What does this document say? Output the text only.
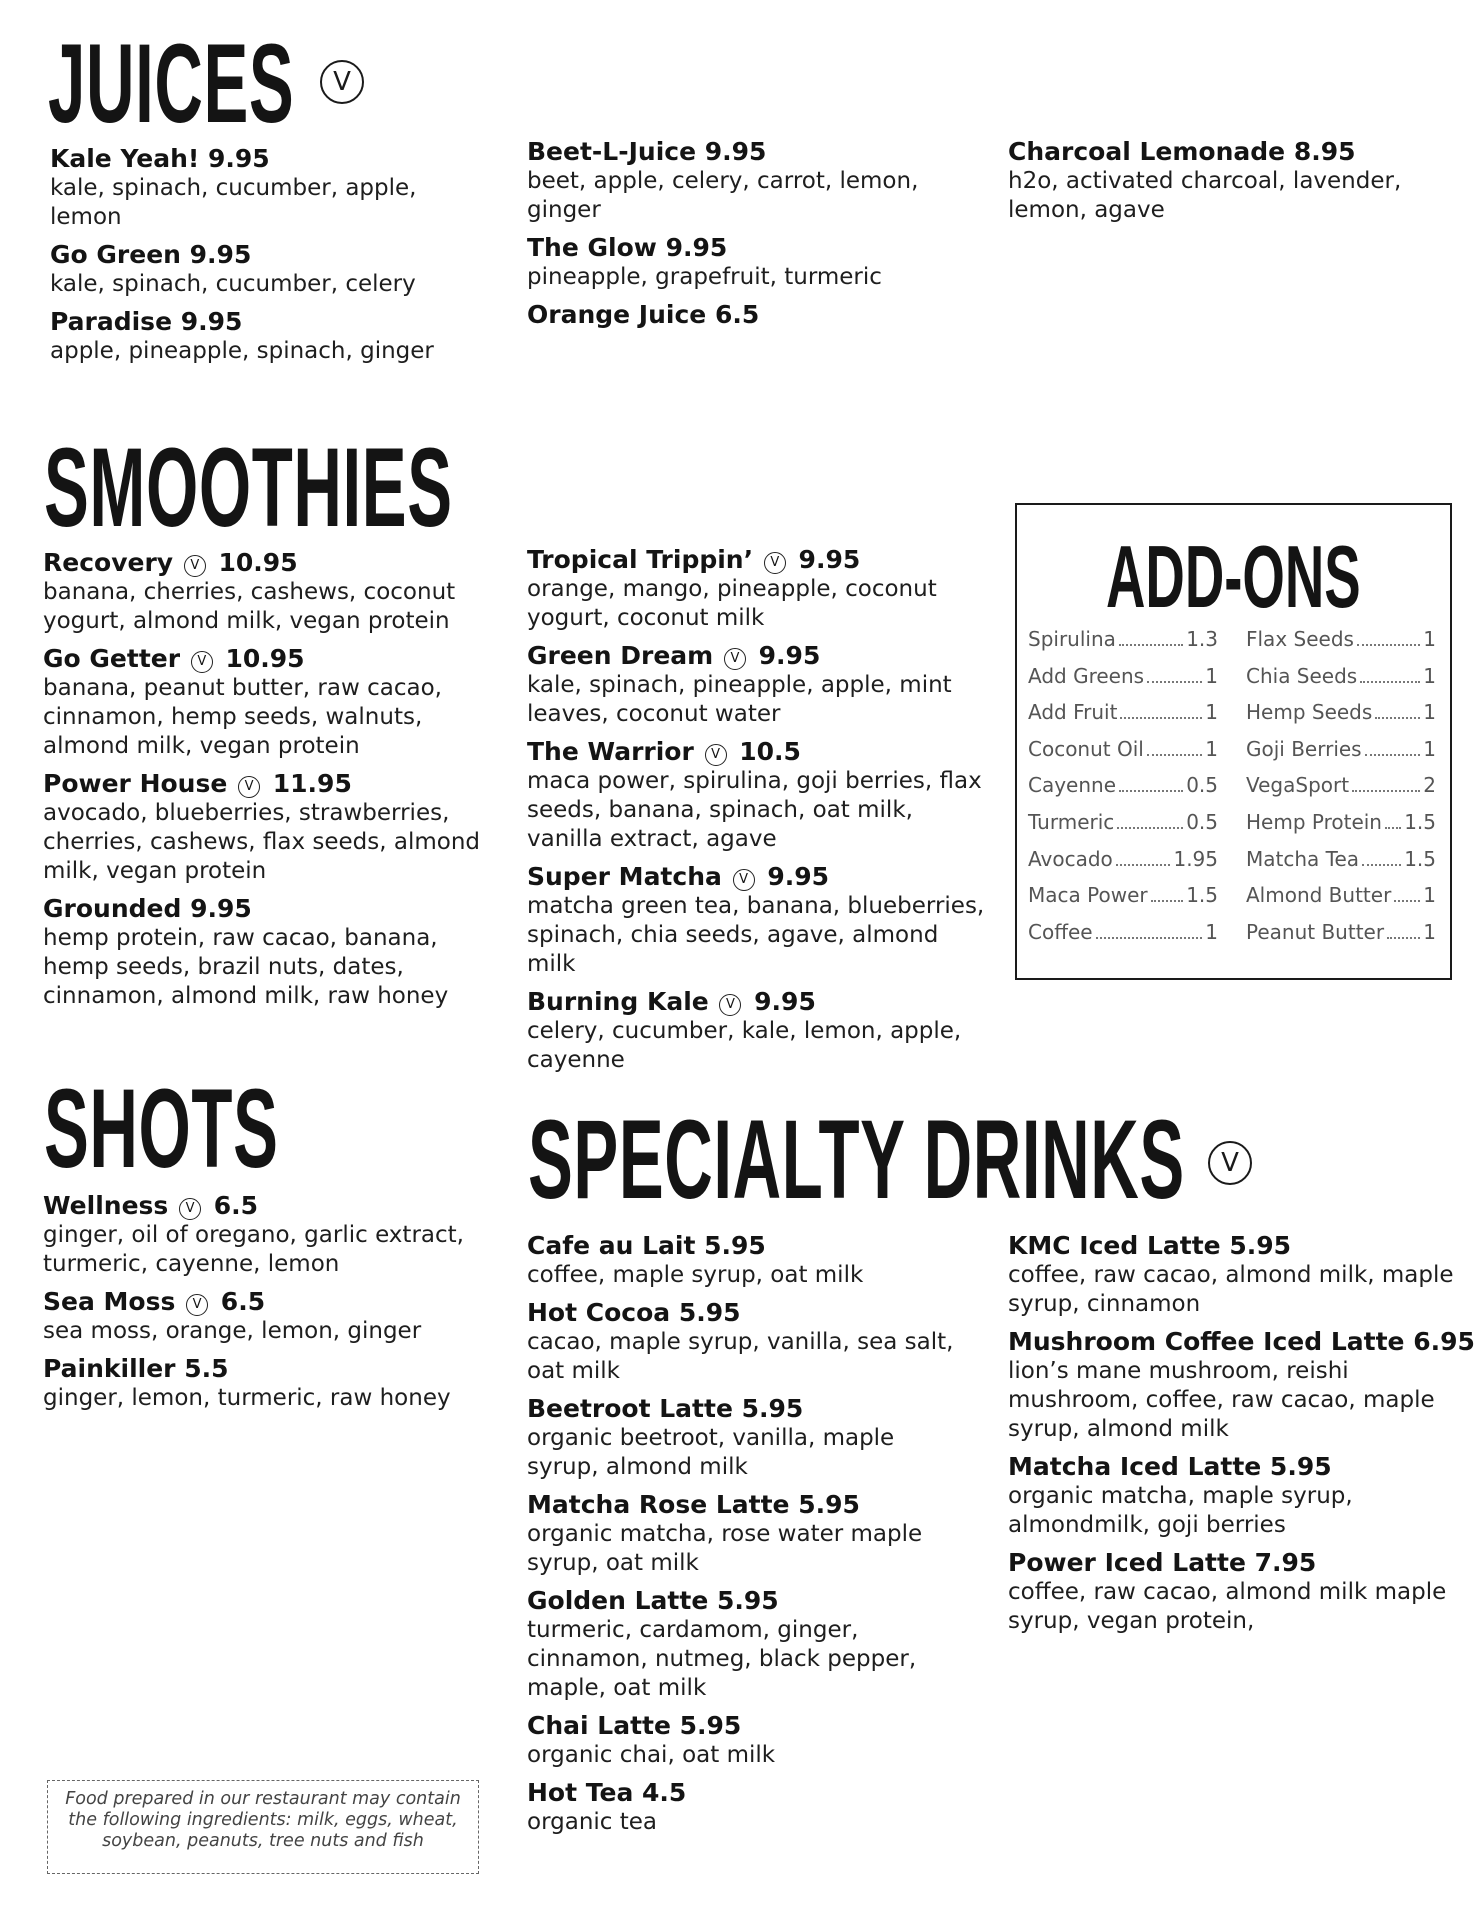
JUICES	V
Kale Yeah! 9.95
kale, spinach, cucumber, apple, lemon
Go Green 9.95
kale, spinach, cucumber, celery
Paradise 9.95
apple, pineapple, spinach, ginger
Beet-L-Juice 9.95
beet, apple, celery, carrot, lemon, ginger
The Glow 9.95
pineapple, grapefruit, turmeric
Orange Juice 6.5
Charcoal Lemonade 8.95
h2o, activated charcoal, lavender, lemon, agave
SMOOTHIES
Recovery V 10.95
banana, cherries, cashews, coconut yogurt, almond milk, vegan protein
Go Getter V 10.95
banana, peanut butter, raw cacao, cinnamon, hemp seeds, walnuts, almond milk, vegan protein
Power House V 11.95
avocado, blueberries, strawberries, cherries, cashews, flax seeds, almond milk, vegan protein
Grounded 9.95
hemp protein, raw cacao, banana, hemp seeds, brazil nuts, dates, cinnamon, almond milk, raw honey
Tropical Trippin’ V 9.95
orange, mango, pineapple, coconut yogurt, coconut milk
Green Dream V 9.95
kale, spinach, pineapple, apple, mint leaves, coconut water
The Warrior V 10.5
maca power, spirulina, goji berries, flax seeds, banana, spinach, oat milk, vanilla extract, agave
Super Matcha V 9.95
matcha green tea, banana, blueberries, spinach, chia seeds, agave, almond milk
Burning Kale V 9.95
celery, cucumber, kale, lemon, apple, cayenne
ADD-ONS
Spirulina	1.3
Add Greens	1
Add Fruit	1
Coconut Oil	1
Cayenne	0.5
Turmeric	0.5
Avocado	1.95
Maca Power 1.5
Coffee	1
Flax Seeds	1
Chia Seeds	1
Hemp Seeds	1
Goji Berries	1
VegaSport	2
Hemp Protein 1.5
Matcha Tea 1.5
Almond Butter 1
Peanut Butter 1
SHOTS
Wellness V 6.5
ginger, oil of oregano, garlic extract, turmeric, cayenne, lemon
Sea Moss V 6.5
sea moss, orange, lemon, ginger
Painkiller 5.5
ginger, lemon, turmeric, raw honey
SPECIALTY DRINKS	V
Cafe au Lait 5.95
coffee, maple syrup, oat milk
Hot Cocoa 5.95
cacao, maple syrup, vanilla, sea salt, oat milk
Beetroot Latte 5.95
organic beetroot, vanilla, maple syrup, almond milk
Matcha Rose Latte 5.95
organic matcha, rose water maple syrup, oat milk
Golden Latte 5.95
turmeric, cardamom, ginger, cinnamon, nutmeg, black pepper, maple, oat milk
Chai Latte 5.95
organic chai, oat milk
Hot Tea 4.5
organic tea
KMC Iced Latte 5.95
coffee, raw cacao, almond milk, maple syrup, cinnamon
Mushroom Coffee Iced Latte 6.95
lion’s mane mushroom, reishi mushroom, coffee, raw cacao, maple syrup, almond milk
Matcha Iced Latte 5.95
organic matcha, maple syrup, almondmilk, goji berries
Power Iced Latte 7.95
coffee, raw cacao, almond milk maple syrup, vegan protein,
Food prepared in our restaurant may contain the following ingredients: milk, eggs, wheat, soybean, peanuts, tree nuts and fish
